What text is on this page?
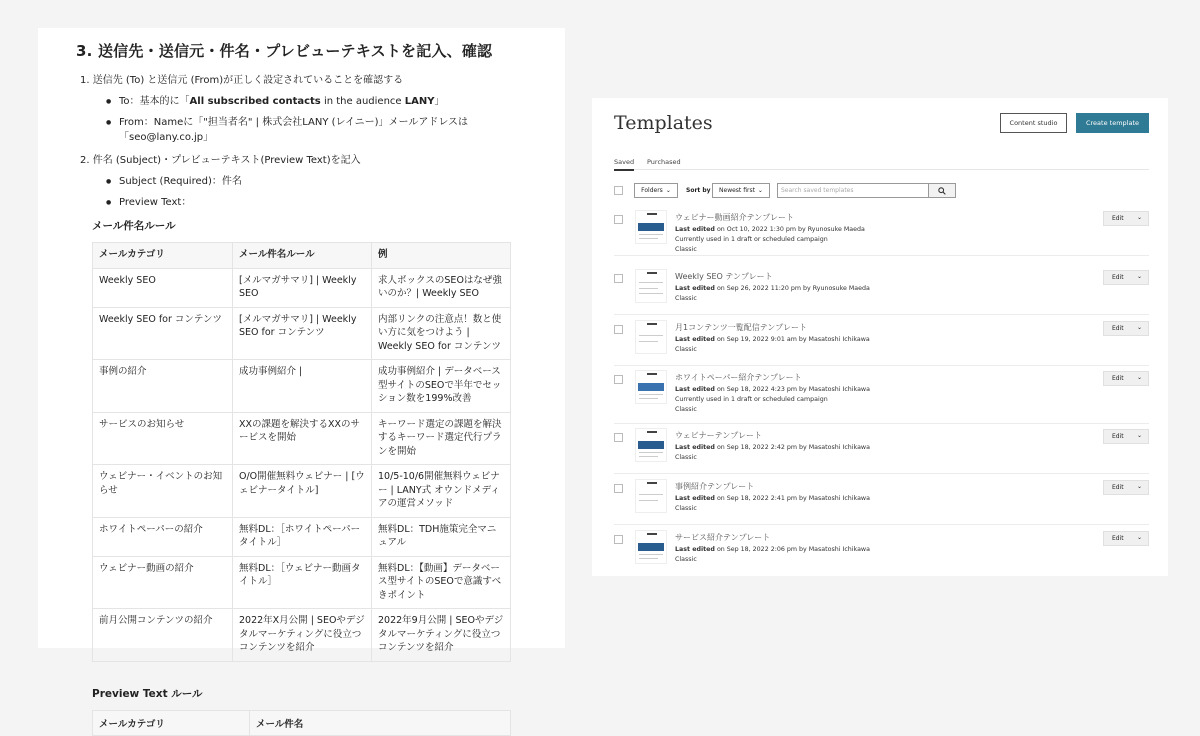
3. 送信先・送信元・件名・プレビューテキストを記入、確認
1. 送信先 (To) と送信元 (From)が正しく設定されていることを確認する
● To：基本的に「All subscribed contacts in the audience LANY」
● From：Nameに「"担当者名" | 株式会社LANY (レイニー)」メールアドレスは
「seo@lany.co.jp」
2. 件名 (Subject)・プレビューテキスト(Preview Text)を記入
● Subject (Required)：件名
● Preview Text：
メール件名ルール
メールカテゴリ	メール件名ルール	例
Weekly SEO	[メルマガサマリ] | Weekly SEO	求人ボックスのSEOはなぜ強いのか？| Weekly SEO
Weekly SEO for コンテンツ	[メルマガサマリ] | Weekly SEO for コンテンツ	内部リンクの注意点！数と使い方に気をつけよう | Weekly SEO for コンテンツ
事例の紹介	成功事例紹介 |	成功事例紹介 | データベース型サイトのSEOで半年でセッション数を199%改善
サービスのお知らせ	XXの課題を解決するXXのサービスを開始	キーワード選定の課題を解決するキーワード選定代行プランを開始
ウェビナー・イベントのお知らせ	O/O開催無料ウェビナー | [ウェビナータイトル]	10/5-10/6開催無料ウェビナー | LANY式 オウンドメディアの運営メソッド
ホワイトペーパーの紹介	無料DL：［ホワイトペーパータイトル］	無料DL：TDH施策完全マニュアル
ウェビナー動画の紹介	無料DL：［ウェビナー動画タイトル］	無料DL：【動画】データベース型サイトのSEOで意識すべきポイント
前月公開コンテンツの紹介	2022年X月公開 | SEOやデジタルマーケティングに役立つコンテンツを紹介	2022年9月公開 | SEOやデジタルマーケティングに役立つコンテンツを紹介
Preview Text ルール
メールカテゴリ	メール件名
Templates	Content studio	Create template
Saved Purchased
Folders ⌄	Sort by Newest first ⌄	Search saved templates
ウェビナー動画紹介テンプレート
Last edited on Oct 10, 2022 1:30 pm by Ryunosuke Maeda
Currently used in 1 draft or scheduled campaign
Classic
Edit ⌄
Weekly SEO テンプレート
Last edited on Sep 26, 2022 11:20 pm by Ryunosuke Maeda
Classic
Edit ⌄
月1コンテンツ一覧配信テンプレート
Last edited on Sep 19, 2022 9:01 am by Masatoshi Ichikawa
Classic
Edit ⌄
ホワイトペーパー紹介テンプレート
Last edited on Sep 18, 2022 4:23 pm by Masatoshi Ichikawa
Currently used in 1 draft or scheduled campaign
Classic
Edit ⌄
ウェビナーテンプレート
Last edited on Sep 18, 2022 2:42 pm by Masatoshi Ichikawa
Classic
Edit ⌄
事例紹介テンプレート
Last edited on Sep 18, 2022 2:41 pm by Masatoshi Ichikawa
Classic
Edit ⌄
サービス紹介テンプレート
Last edited on Sep 18, 2022 2:06 pm by Masatoshi Ichikawa
Classic
Edit ⌄
